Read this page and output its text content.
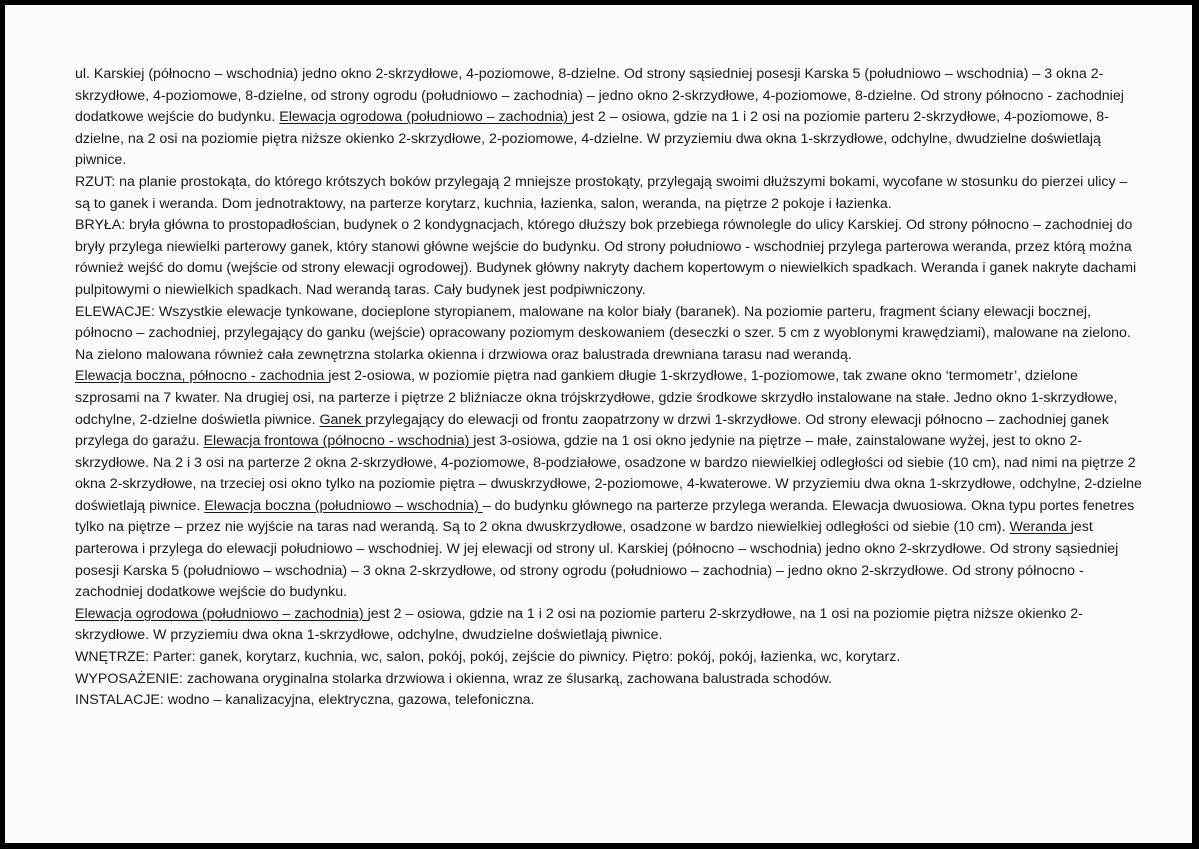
ul. Karskiej (północno – wschodnia) jedno okno 2-skrzydłowe, 4-poziomowe, 8-dzielne. Od strony sąsiedniej posesji Karska 5 (południowo – wschodnia) – 3 okna 2-skrzydłowe, 4-poziomowe, 8-dzielne, od strony ogrodu (południowo – zachodnia) – jedno okno 2-skrzydłowe, 4-poziomowe, 8-dzielne. Od strony północno - zachodniej dodatkowe wejście do budynku. Elewacja ogrodowa (południowo – zachodnia) jest 2 – osiowa, gdzie na 1 i 2 osi na poziomie parteru 2-skrzydłowe, 4-poziomowe, 8-dzielne, na 2 osi na poziomie piętra niższe okienko 2-skrzydłowe, 2-poziomowe, 4-dzielne. W przyziemiu dwa okna 1-skrzydłowe, odchylne, dwudzielne doświetlają piwnice.

RZUT: na planie prostokąta, do którego krótszych boków przylegają 2 mniejsze prostokąty, przylegają swoimi dłuższymi bokami, wycofane w stosunku do pierzei ulicy – są to ganek i weranda. Dom jednotraktowy, na parterze korytarz, kuchnia, łazienka, salon, weranda, na piętrze 2 pokoje i łazienka.

BRYŁA: bryła główna to prostopadłościan, budynek o 2 kondygnacjach, którego dłuższy bok przebiega równolegle do ulicy Karskiej. Od strony północno – zachodniej do bryły przylega niewielki parterowy ganek, który stanowi główne wejście do budynku. Od strony południowo - wschodniej przylega parterowa weranda, przez którą można również wejść do domu (wejście od strony elewacji ogrodowej). Budynek główny nakryty dachem kopertowym o niewielkich spadkach. Weranda i ganek nakryte dachami pulpitowymi o niewielkich spadkach. Nad werandą taras. Cały budynek jest podpiwniczony.

ELEWACJE: Wszystkie elewacje tynkowane, docieplone styropianem, malowane na kolor biały (baranek). Na poziomie parteru, fragment ściany elewacji bocznej, północno – zachodniej, przylegający do ganku (wejście) opracowany poziomym deskowaniem (deseczki o szer. 5 cm z wyoblonymi krawędziami), malowane na zielono. Na zielono malowana również cała zewnętrzna stolarka okienna i drzwiowa oraz balustrada drewniana tarasu nad werandą.

Elewacja boczna, północno - zachodnia jest 2-osiowa, w poziomie piętra nad gankiem długie 1-skrzydłowe, 1-poziomowe, tak zwane okno ‘termometr’, dzielone szprosami na 7 kwater. Na drugiej osi, na parterze i piętrze 2 bliźniacze okna trójskrzydłowe, gdzie środkowe skrzydło instalowane na stałe. Jedno okno 1-skrzydłowe, odchylne, 2-dzielne doświetla piwnice. Ganek przylegający do elewacji od frontu zaopatrzony w drzwi 1-skrzydłowe. Od strony elewacji północno – zachodniej ganek przylega do garażu. Elewacja frontowa (północno - wschodnia) jest 3-osiowa, gdzie na 1 osi okno jedynie na piętrze – małe, zainstalowane wyżej, jest to okno 2-skrzydłowe. Na 2 i 3 osi na parterze 2 okna 2-skrzydłowe, 4-poziomowe, 8-podziałowe, osadzone w bardzo niewielkiej odległości od siebie (10 cm), nad nimi na piętrze 2 okna 2-skrzydłowe, na trzeciej osi okno tylko na poziomie piętra – dwuskrzydłowe, 2-poziomowe, 4-kwaterowe. W przyziemiu dwa okna 1-skrzydłowe, odchylne, 2-dzielne doświetlają piwnice. Elewacja boczna (południowo – wschodnia) – do budynku głównego na parterze przylega weranda. Elewacja dwuosiowa. Okna typu portes fenetres tylko na piętrze – przez nie wyjście na taras nad werandą. Są to 2 okna dwuskrzydłowe, osadzone w bardzo niewielkiej odległości od siebie (10 cm). Weranda jest parterowa i przylega do elewacji południowo – wschodniej. W jej elewacji od strony ul. Karskiej (północno – wschodnia) jedno okno 2-skrzydłowe. Od strony sąsiedniej posesji Karska 5 (południowo – wschodnia) – 3 okna 2-skrzydłowe, od strony ogrodu (południowo – zachodnia) – jedno okno 2-skrzydłowe. Od strony północno - zachodniej dodatkowe wejście do budynku.

Elewacja ogrodowa (południowo – zachodnia) jest 2 – osiowa, gdzie na 1 i 2 osi na poziomie parteru 2-skrzydłowe, na 1 osi na poziomie piętra niższe okienko 2-skrzydłowe. W przyziemiu dwa okna 1-skrzydłowe, odchylne, dwudzielne doświetlają piwnice.

WNĘTRZE: Parter: ganek, korytarz, kuchnia, wc, salon, pokój, pokój, zejście do piwnicy. Piętro: pokój, pokój, łazienka, wc, korytarz.

WYPOSAŻENIE: zachowana oryginalna stolarka drzwiowa i okienna, wraz ze ślusarką, zachowana balustrada schodów.

INSTALACJE: wodno – kanalizacyjna, elektryczna, gazowa, telefoniczna.
